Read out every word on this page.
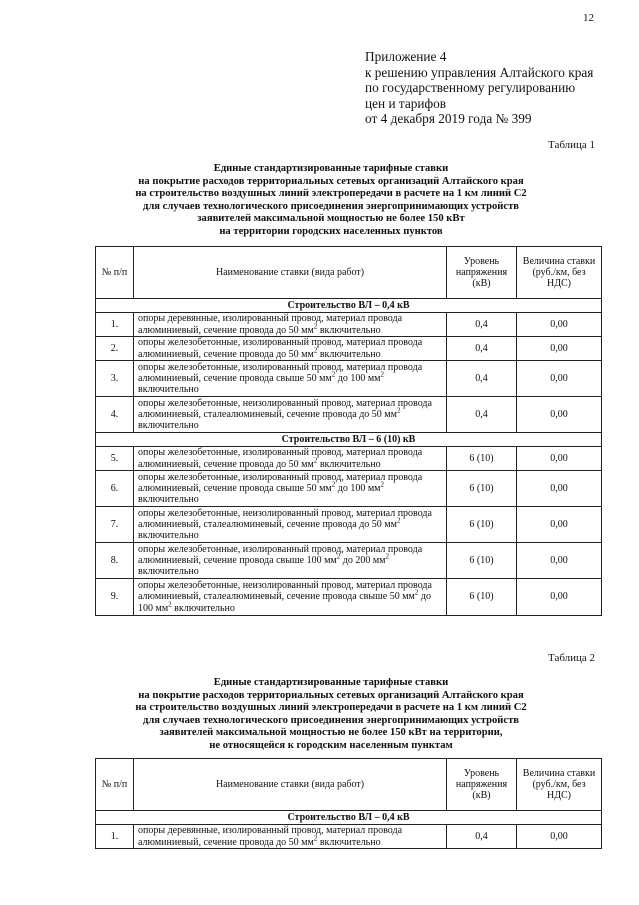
12
Приложение 4
к решению управления Алтайского края
по государственному регулированию
цен и тарифов
от 4 декабря 2019 года № 399
Таблица 1
Единые стандартизированные тарифные ставки
на покрытие расходов территориальных сетевых организаций Алтайского края
на строительство воздушных линий электропередачи в расчете на 1 км линий С2
для случаев технологического присоединения энергопринимающих устройств
заявителей максимальной мощностью не более 150 кВт
на территории городских населенных пунктов
№ п/п	Наименование ставки (вида работ)	Уровень напряжения (кВ)	Величина ставки (руб./км, без НДС)
Строительство ВЛ – 0,4 кВ			
1.	опоры деревянные, изолированный провод, материал провода алюминиевый, сечение провода до 50 $мм^2$ включительно	0,4	0,00
2.	опоры железобетонные, изолированный провод, материал провода алюминиевый, сечение провода до 50 $мм^2$ включительно	0,4	0,00
3.	опоры железобетонные, изолированный провод, материал провода алюминиевый, сечение провода свыше 50 $мм^2$ до 100 $мм^2$ включительно	0,4	0,00
4.	опоры железобетонные, неизолированный провод, материал провода алюминиевый, сталеалюминевый, сечение провода до 50 $мм^2$ включительно	0,4	0,00
Строительство ВЛ – 6 (10) кВ			
5.	опоры железобетонные, изолированный провод, материал провода алюминиевый, сечение провода до 50 $мм^2$ включительно	6 (10)	0,00
6.	опоры железобетонные, изолированный провод, материал провода алюминиевый, сечение провода свыше 50 $мм^2$ до 100 $мм^2$ включительно	6 (10)	0,00
7.	опоры железобетонные, неизолированный провод, материал провода алюминиевый, сталеалюминевый, сечение провода до 50 $мм^2$ включительно	6 (10)	0,00
8.	опоры железобетонные, изолированный провод, материал провода алюминиевый, сечение провода свыше 100 $мм^2$ до 200 $мм^2$ включительно	6 (10)	0,00
9.	опоры железобетонные, неизолированный провод, материал провода алюминиевый, сталеалюминевый, сечение провода свыше 50 $мм^2$ до 100 $мм^2$ включительно	6 (10)	0,00
Таблица 2
Единые стандартизированные тарифные ставки
на покрытие расходов территориальных сетевых организаций Алтайского края
на строительство воздушных линий электропередачи в расчете на 1 км линий С2
для случаев технологического присоединения энергопринимающих устройств
заявителей максимальной мощностью не более 150 кВт на территории,
не относящейся к городским населенным пунктам
№ п/п	Наименование ставки (вида работ)	Уровень напряжения (кВ)	Величина ставки (руб./км, без НДС)
Строительство ВЛ – 0,4 кВ			
1.	опоры деревянные, изолированный провод, материал провода алюминиевый, сечение провода до 50 $мм^2$ включительно	0,4	0,00
